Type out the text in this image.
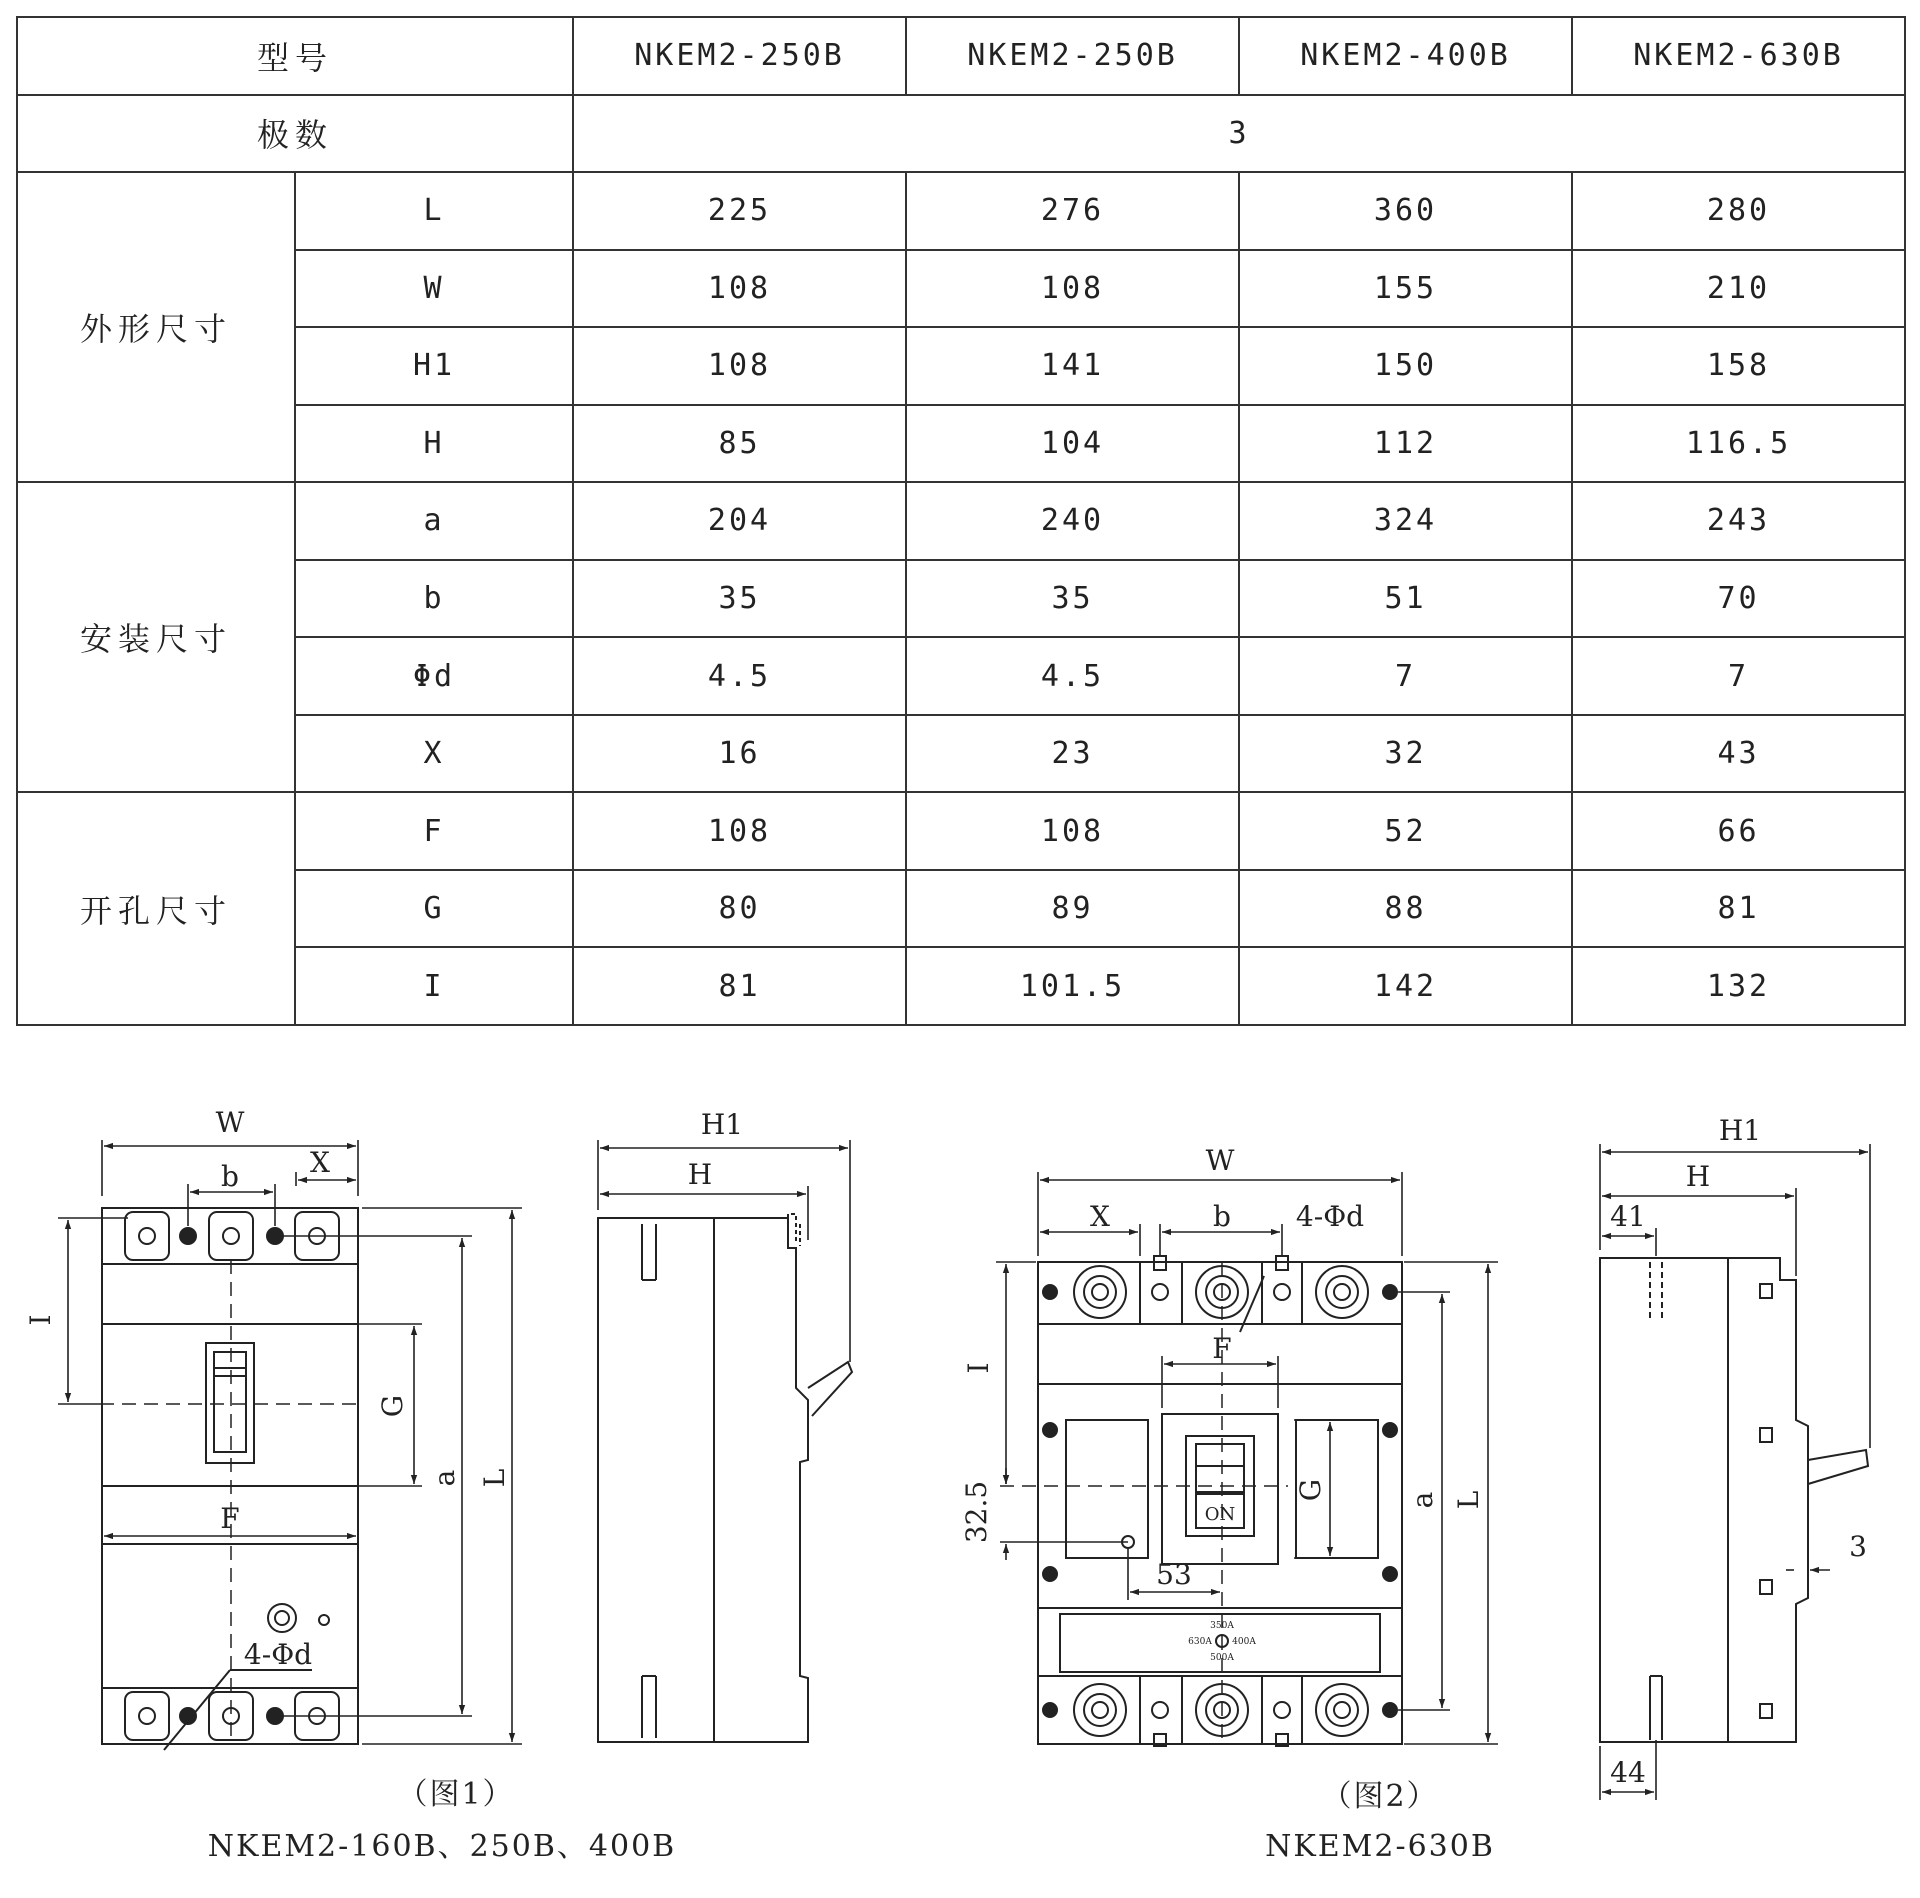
型号		NKEM2-250B	NKEM2-250B	NKEM2-400B	NKEM2-630B
极数		3			
外形尺寸	L	225	276	360	280
	W	108	108	155	210
	H1	108	141	150	158
	H	85	104	112	116.5
安装尺寸	a	204	240	324	243
	b	35	35	51	70
	Φd	4.5	4.5	7	7
	X	16	23	32	43
开孔尺寸	F	108	108	52	66
	G	80	89	88	81
	I	81	101.5	142	132
W
b	X
I
G
F
a L
4-Φd
H1
H
（图1）
NKEM2-160B、250B、400B
W
X	b 4-Φd
F
I
32.5
53
G	a L
ON
350A
630A 400A
500A
H1
H
41
3
44
（图2）
NKEM2-630B
